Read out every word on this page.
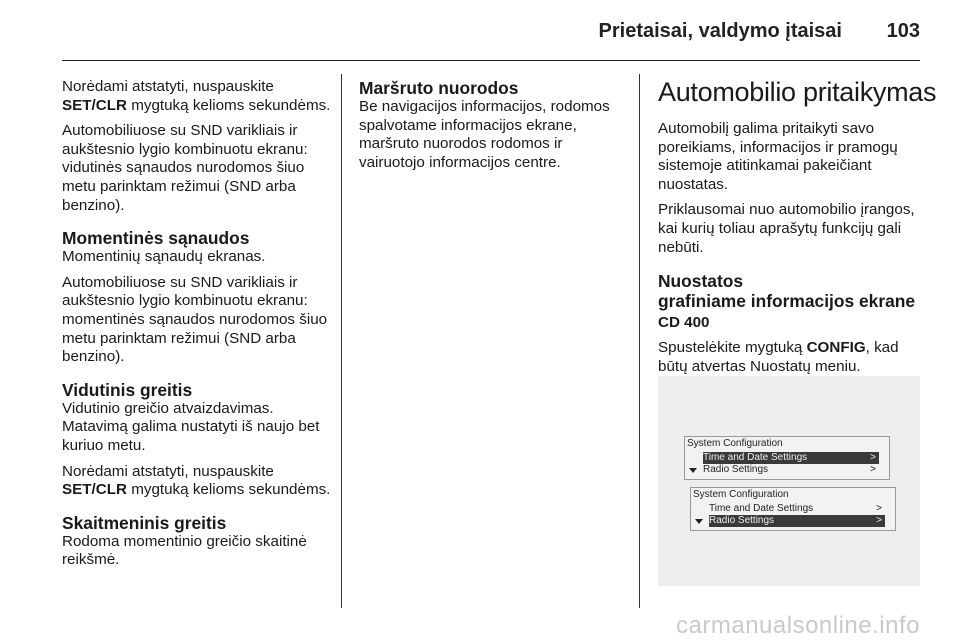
Prietaisai, valdymo įtaisai 103

Norėdami atstatyti, nuspauskite
SET/CLR mygtuką kelioms sekundėms.

Automobiliuose su SND varikliais ir aukštesnio lygio kombinuotu ekranu: vidutinės sąnaudos nurodomos šiuo metu parinktam režimui (SND arba benzino).

Momentinės sąnaudos

Momentinių sąnaudų ekranas.

Automobiliuose su SND varikliais ir aukštesnio lygio kombinuotu ekranu: momentinės sąnaudos nurodomos šiuo metu parinktam režimui (SND arba benzino).

Vidutinis greitis

Vidutinio greičio atvaizdavimas. Matavimą galima nustatyti iš naujo bet kuriuo metu.

Norėdami atstatyti, nuspauskite
SET/CLR mygtuką kelioms sekundėms.

Skaitmeninis greitis

Rodoma momentinio greičio skaitinė reikšmė.

Maršruto nuorodos

Be navigacijos informacijos, rodomos spalvotame informacijos ekrane, maršruto nuorodos rodomos ir vairuotojo informacijos centre.

Automobilio pritaikymas

Automobilį galima pritaikyti savo poreikiams, informacijos ir pramogų sistemoje atitinkamai pakeičiant nuostatas.

Priklausomai nuo automobilio įrangos, kai kurių toliau aprašytų funkcijų gali nebūti.

Nuostatos
grafiniame informacijos ekrane
CD 400

Spustelėkite mygtuką CONFIG, kad būtų atvertas Nuostatų meniu.

System Configuration
Time and Date Settings	>
Radio Settings	>
System Configuration
Time and Date Settings	>
Radio Settings	>
carmanualsonline.info
